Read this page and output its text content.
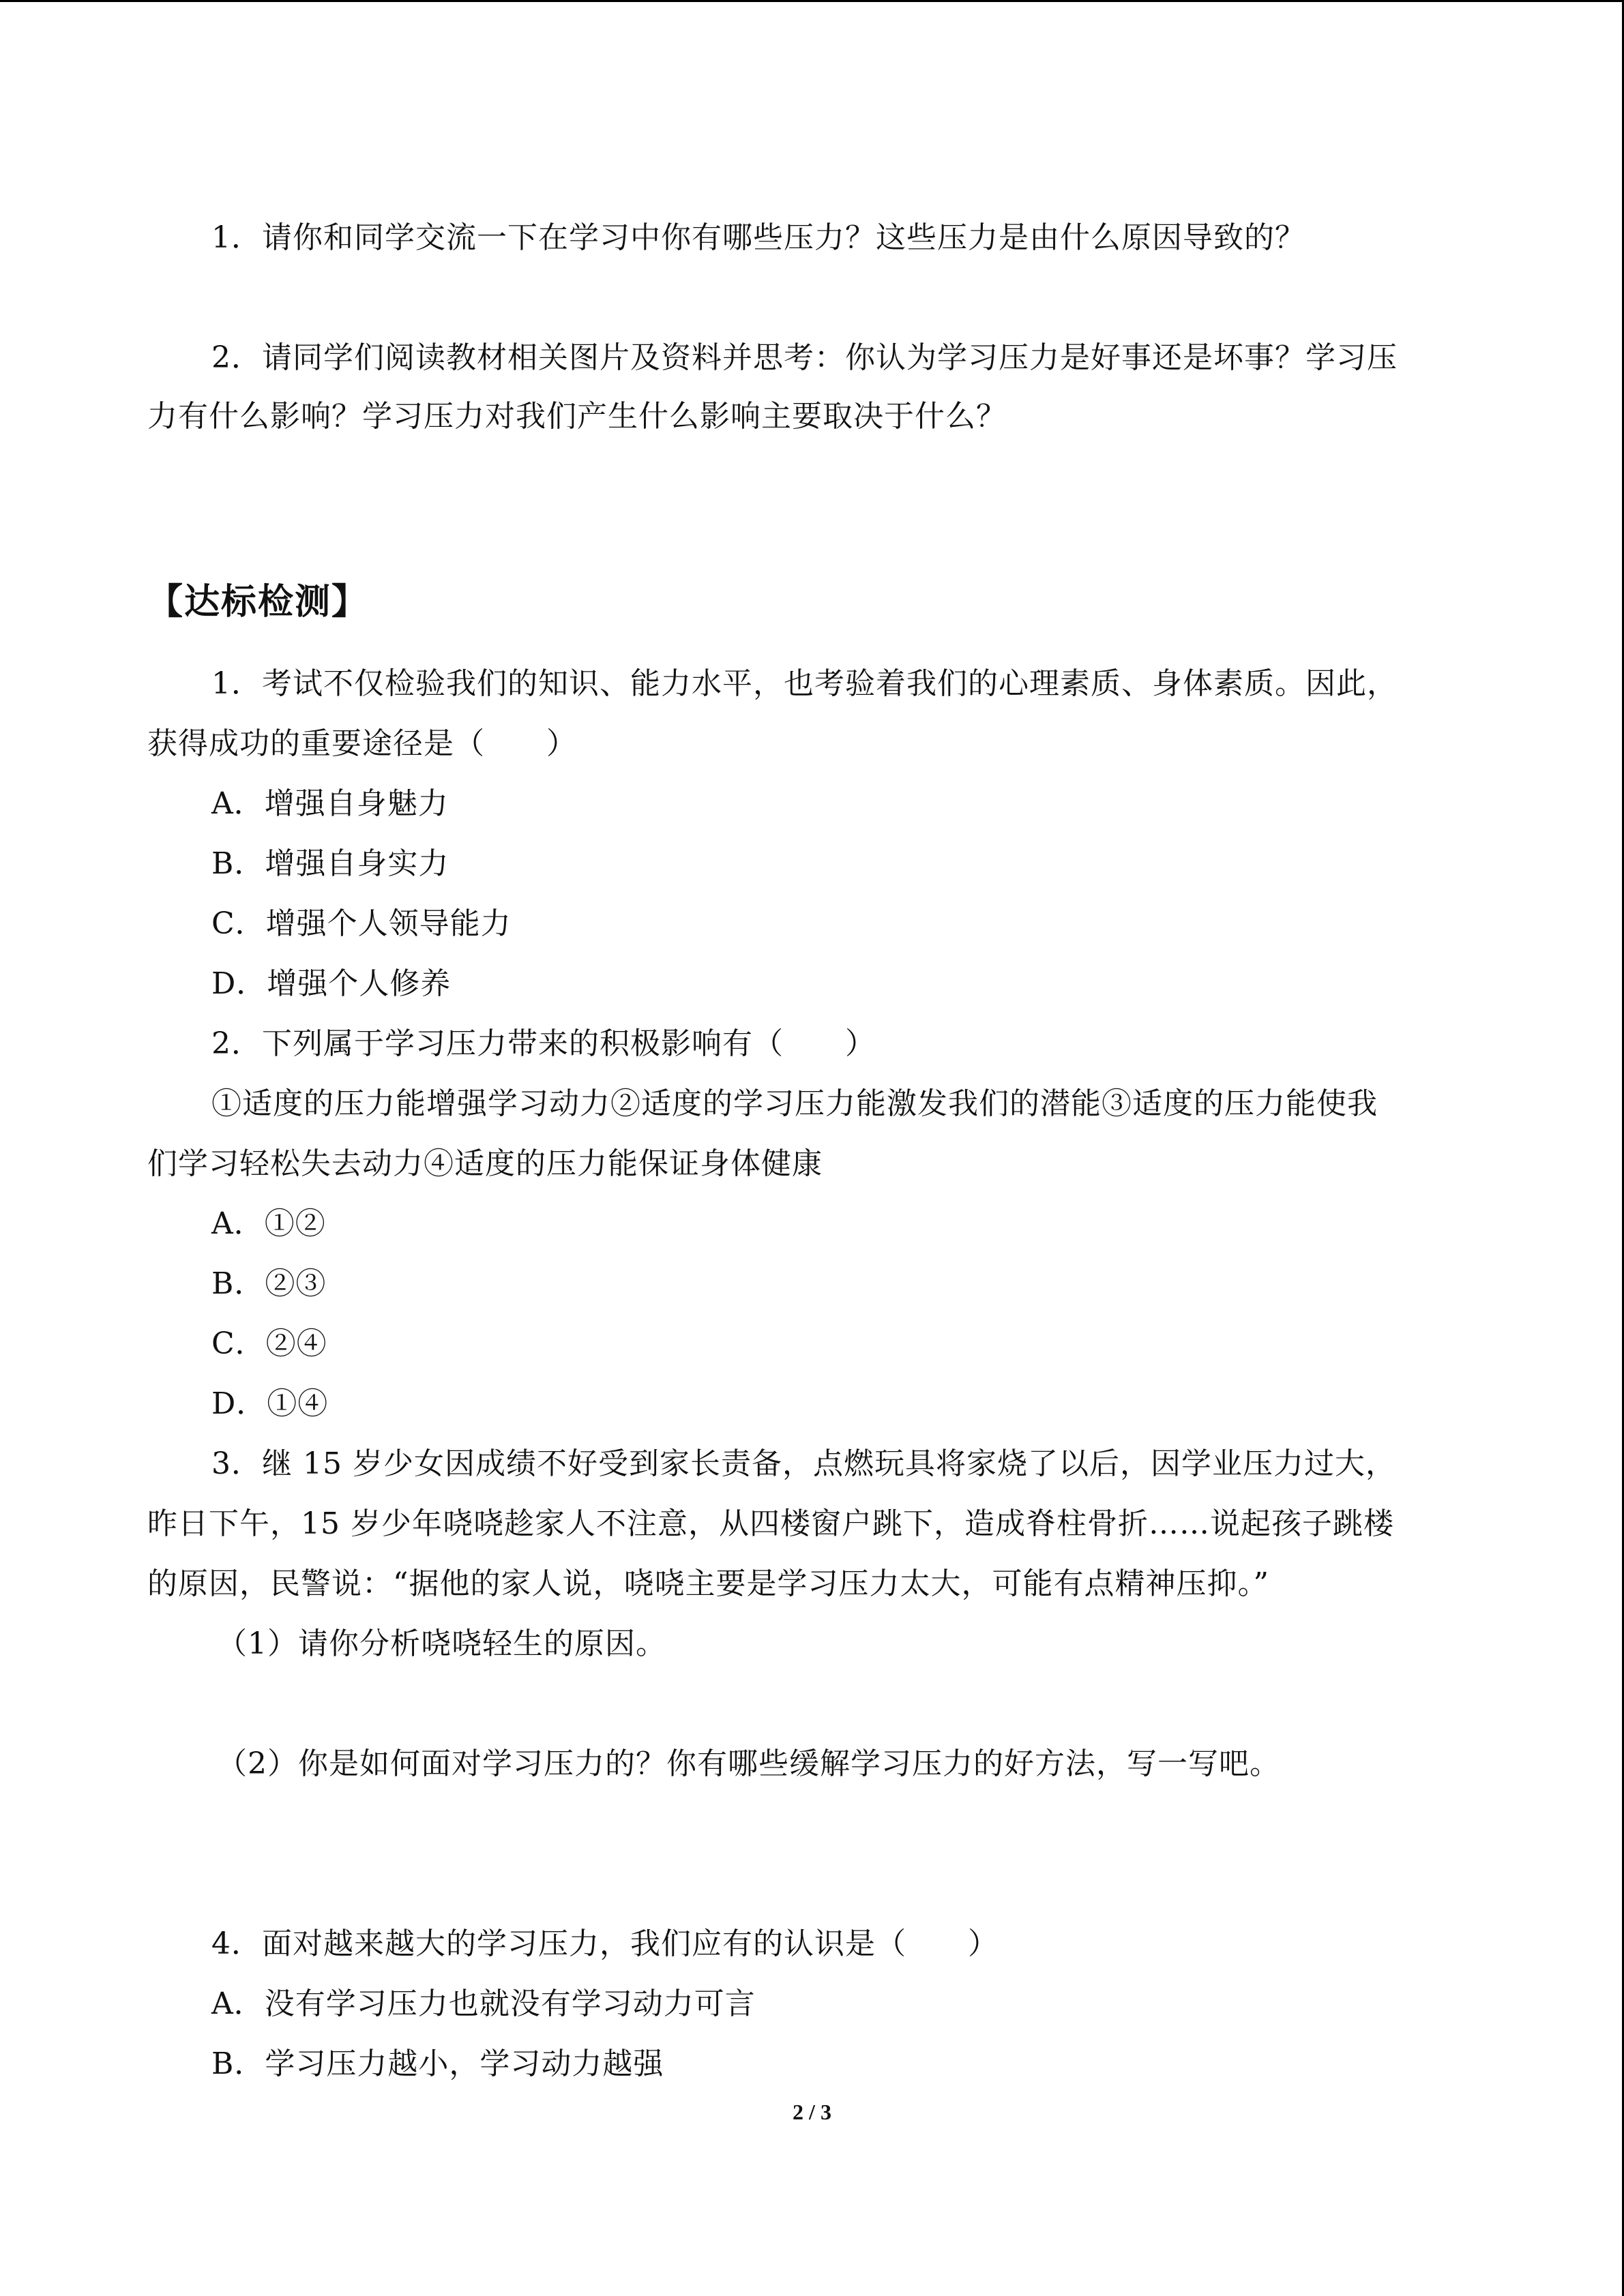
1．请你和同学交流一下在学习中你有哪些压力？这些压力是由什么原因导致的？
2．请同学们阅读教材相关图片及资料并思考：你认为学习压力是好事还是坏事？学习压
力有什么影响？学习压力对我们产生什么影响主要取决于什么？
【达标检测】
1．考试不仅检验我们的知识、能力水平，也考验着我们的心理素质、身体素质。因此，
获得成功的重要途径是（　　）
A．增强自身魅力
B．增强自身实力
C．增强个人领导能力
D．增强个人修养
2．下列属于学习压力带来的积极影响有（　　）
①适度的压力能增强学习动力②适度的学习压力能激发我们的潜能③适度的压力能使我
们学习轻松失去动力④适度的压力能保证身体健康
A．①②
B．②③
C．②④
D．①④
3．继 15 岁少女因成绩不好受到家长责备，点燃玩具将家烧了以后，因学业压力过大，
昨日下午，15 岁少年哓哓趁家人不注意，从四楼窗户跳下，造成脊柱骨折……说起孩子跳楼
的原因，民警说：“据他的家人说，哓哓主要是学习压力太大，可能有点精神压抑。”
（1）请你分析哓哓轻生的原因。
（2）你是如何面对学习压力的？你有哪些缓解学习压力的好方法，写一写吧。
4．面对越来越大的学习压力，我们应有的认识是（　　）
A．没有学习压力也就没有学习动力可言
B．学习压力越小，学习动力越强
2 / 3
